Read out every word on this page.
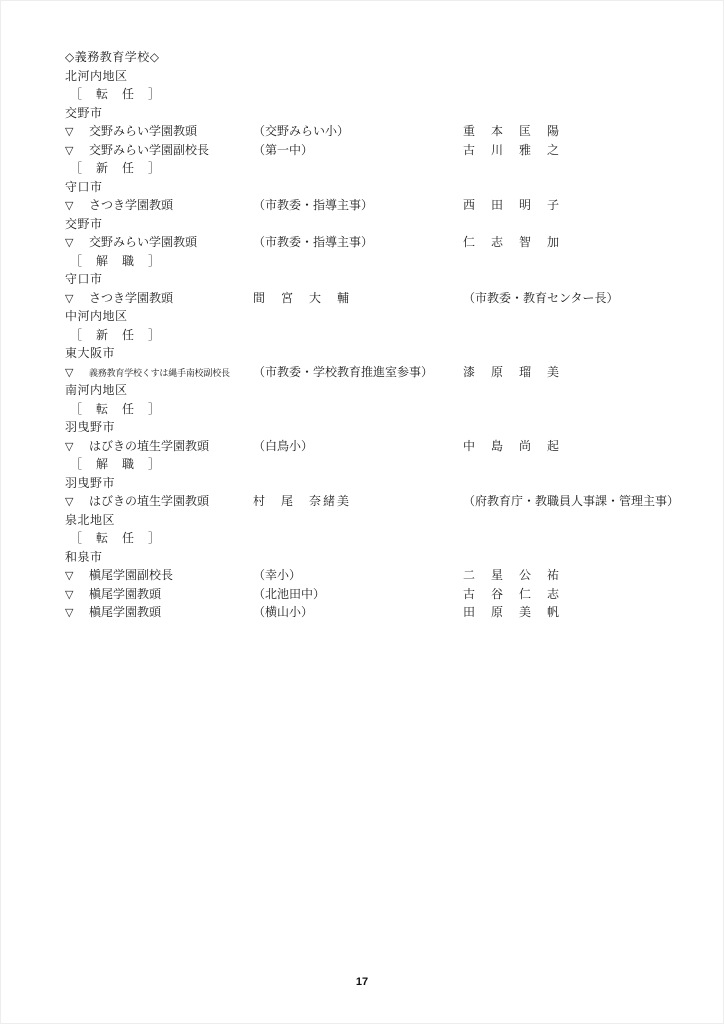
◇義務教育学校◇
北河内地区
［　転　任　］
交野市
▽	交野みらい学園教頭	（交野みらい小）	重　本　匡　陽
▽	交野みらい学園副校長	（第一中）	古　川　雅　之
［　新　任　］
守口市
▽	さつき学園教頭	（市教委・指導主事）	西　田　明　子
交野市
▽	交野みらい学園教頭	（市教委・指導主事）	仁　志　智　加
［　解　職　］
守口市
▽	さつき学園教頭	間　宮　大　輔	（市教委・教育センター長）
中河内地区
［　新　任　］
東大阪市
▽	義務教育学校くすは縄手南校副校長	（市教委・学校教育推進室参事）	漆　原　瑠　美
南河内地区
［　転　任　］
羽曳野市
▽	はびきの埴生学園教頭	（白鳥小）	中　島　尚　起
［　解　職　］
羽曳野市
▽	はびきの埴生学園教頭	村　尾　奈緒美	（府教育庁・教職員人事課・管理主事）
泉北地区
［　転　任　］
和泉市
▽	槇尾学園副校長	（幸小）	二　星　公　祐
▽	槇尾学園教頭	（北池田中）	古　谷　仁　志
▽	槇尾学園教頭	（横山小）	田　原　美　帆
17
